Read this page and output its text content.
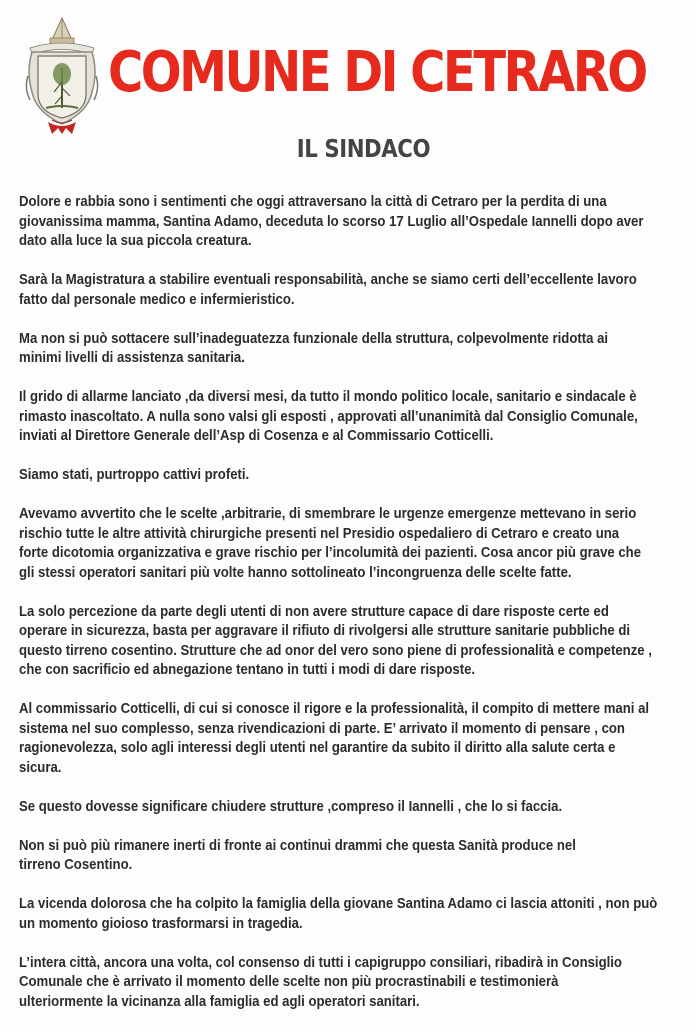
COMUNE DI CETRARO
IL SINDACO
Dolore e rabbia sono i sentimenti che oggi attraversano la città di Cetraro per la perdita di una
giovanissima mamma, Santina Adamo, deceduta lo scorso 17 Luglio all’Ospedale Iannelli dopo aver
dato alla luce la sua piccola creatura.
Sarà la Magistratura a stabilire eventuali responsabilità, anche se siamo certi dell’eccellente lavoro
fatto dal personale medico e infermieristico.
Ma non si può sottacere sull’inadeguatezza funzionale della struttura, colpevolmente ridotta ai
minimi livelli di assistenza sanitaria.
Il grido di allarme lanciato ,da diversi mesi, da tutto il mondo politico locale, sanitario e sindacale è
rimasto inascoltato. A nulla sono valsi gli esposti , approvati all’unanimità dal Consiglio Comunale,
inviati al Direttore Generale dell’Asp di Cosenza e al Commissario Cotticelli.
Siamo stati, purtroppo cattivi profeti.
Avevamo avvertito che le scelte ,arbitrarie, di smembrare le urgenze emergenze mettevano in serio
rischio tutte le altre attività chirurgiche presenti nel Presidio ospedaliero di Cetraro e creato una
forte dicotomia organizzativa e grave rischio per l’incolumità dei pazienti. Cosa ancor più grave che
gli stessi operatori sanitari più volte hanno sottolineato l’incongruenza delle scelte fatte.
La solo percezione da parte degli utenti di non avere strutture capace di dare risposte certe ed
operare in sicurezza, basta per aggravare il rifiuto di rivolgersi alle strutture sanitarie pubbliche di
questo tirreno cosentino. Strutture che ad onor del vero sono piene di professionalità e competenze ,
che con sacrificio ed abnegazione tentano in tutti i modi di dare risposte.
Al commissario Cotticelli, di cui si conosce il rigore e la professionalità, il compito di mettere mani al
sistema nel suo complesso, senza rivendicazioni di parte. E’ arrivato il momento di pensare , con
ragionevolezza, solo agli interessi degli utenti nel garantire da subito il diritto alla salute certa e
sicura.
Se questo dovesse significare chiudere strutture ,compreso il Iannelli , che lo si faccia.
Non si può più rimanere inerti di fronte ai continui drammi che questa Sanità produce nel
tirreno Cosentino.
La vicenda dolorosa che ha colpito la famiglia della giovane Santina Adamo ci lascia attoniti , non può
un momento gioioso trasformarsi in tragedia.
L’intera città, ancora una volta, col consenso di tutti i capigruppo consiliari, ribadirà in Consiglio
Comunale che è arrivato il momento delle scelte non più procrastinabili e testimonierà
ulteriormente la vicinanza alla famiglia ed agli operatori sanitari.
